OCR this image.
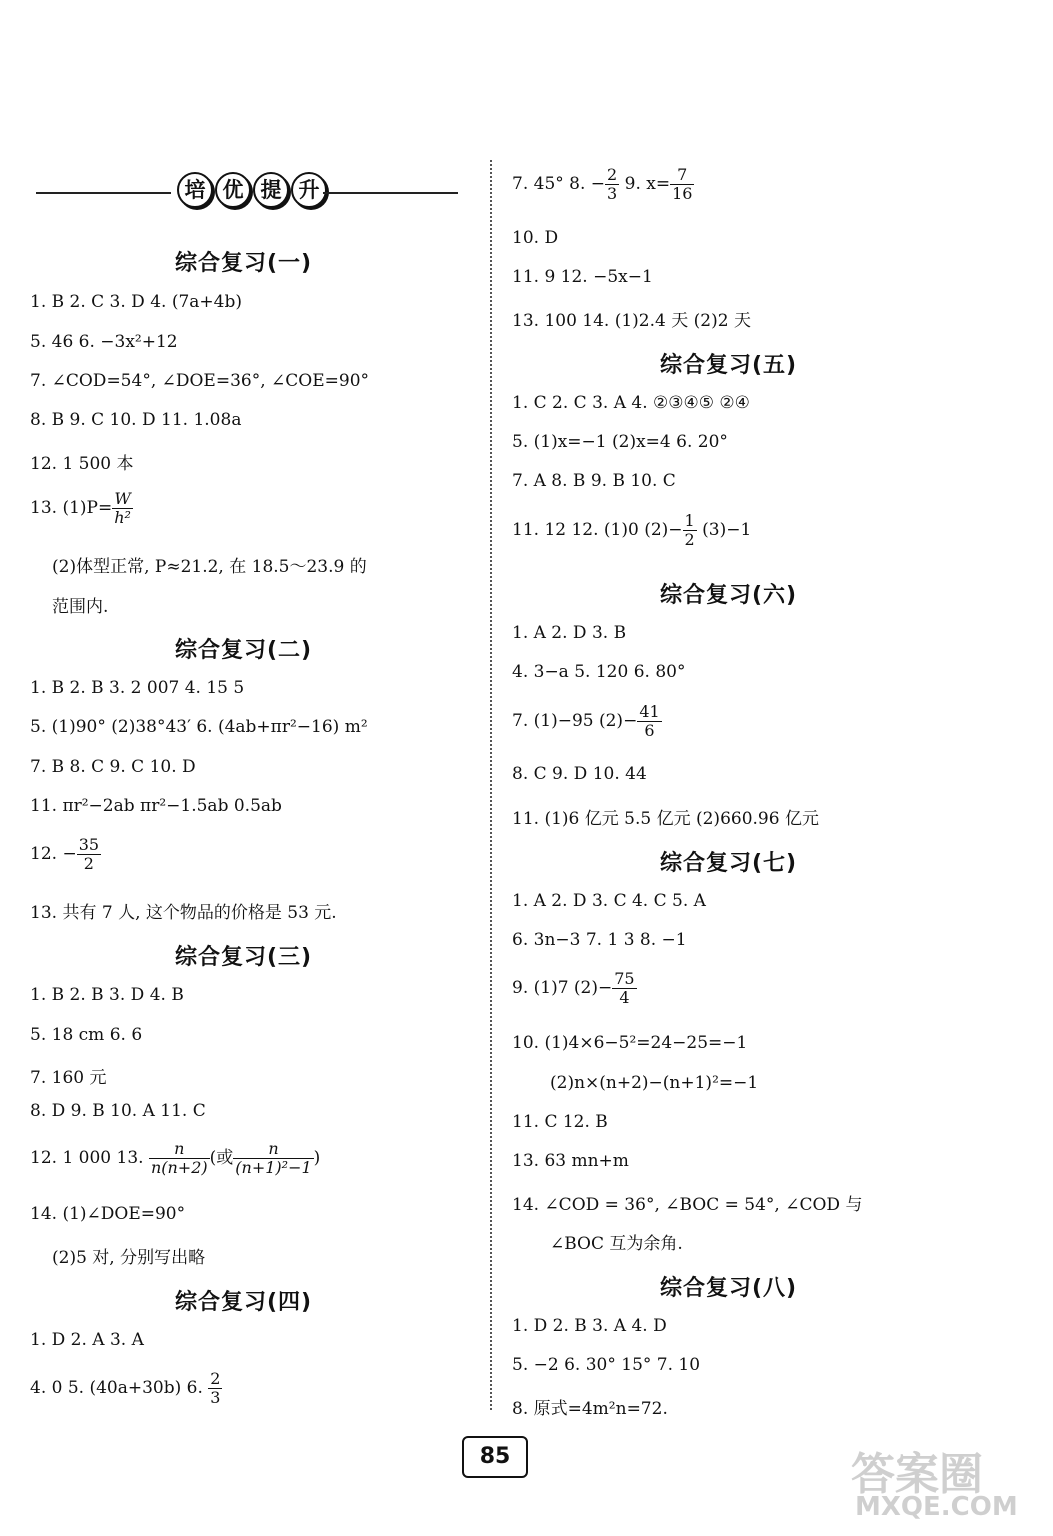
培 优 提 升
综合复习(一)
1. B 2. C 3. D 4. (7a+4b)
5. 46 6. −3x²+12
7. ∠COD=54°, ∠DOE=36°, ∠COE=90°
8. B 9. C 10. D 11. 1.08a
12. 1 500 本
13. $(1)P= \frac{W}{\text{h²}}$
(2)体型正常, P≈21.2, 在 18.5～23.9 的
范围内.
综合复习(二)
1. B 2. B 3. 2 007 4. 15 5
5. (1)90° (2)38°43′ 6. (4ab+πr²−16) m²
7. B 8. C 9. C 10. D
11. πr²−2ab πr²−1.5ab 0.5ab
12. − $\frac{35}{2}$
13. 共有 7 人, 这个物品的价格是 53 元.
综合复习(三)
1. B 2. B 3. D 4. B
5. 18 cm 6. 6
7. 160 元
8. D 9. B 10. A 11. C
12. 1 000 13. $\frac{n}{n(n+2)}$ (或 $\frac{n}{\text{(n+1)²−1}}$ )
14. (1)∠DOE=90°
(2)5 对, 分别写出略
综合复习(四)
1. D 2. A 3. A
4. 0 5. (40a+30b) 6. $\frac{2}{3}$
7. 45° 8. − $\frac{2}{3} 9$. $x= \frac{7}{16}$
10. D
11. 9 12. −5x−1
13. 100 14. (1)2.4 天 (2)2 天
综合复习(五)
1. C 2. C 3. A 4. ②③④⑤ ②④
5. (1)x=−1 (2)x=4 6. 20°
7. A 8. B 9. B 10. C
11. 12 12. (1)0 $(2)- \frac{1}{2} (3)-1$
综合复习(六)
1. A 2. D 3. B
4. 3−a 5. 120 6. 80°
7. (1)−95 $(2)- \frac{41}{6}$
8. C 9. D 10. 44
11. (1)6 亿元 5.5 亿元 (2)660.96 亿元
综合复习(七)
1. A 2. D 3. C 4. C 5. A
6. 3n−3 7. 1 3 8. −1
9. (1)7 $(2)- \frac{75}{4}$
10. (1)4×6−5²=24−25=−1
(2)n×(n+2)−(n+1)²=−1
11. C 12. B
13. 63 mn+m
14. ∠COD = 36°, ∠BOC = 54°, ∠COD 与
∠BOC 互为余角.
综合复习(八)
1. D 2. B 3. A 4. D
5. −2 6. 30° 15° 7. 10
8. 原式=4m²n=72.
85	答案圈
MXQE.COM
